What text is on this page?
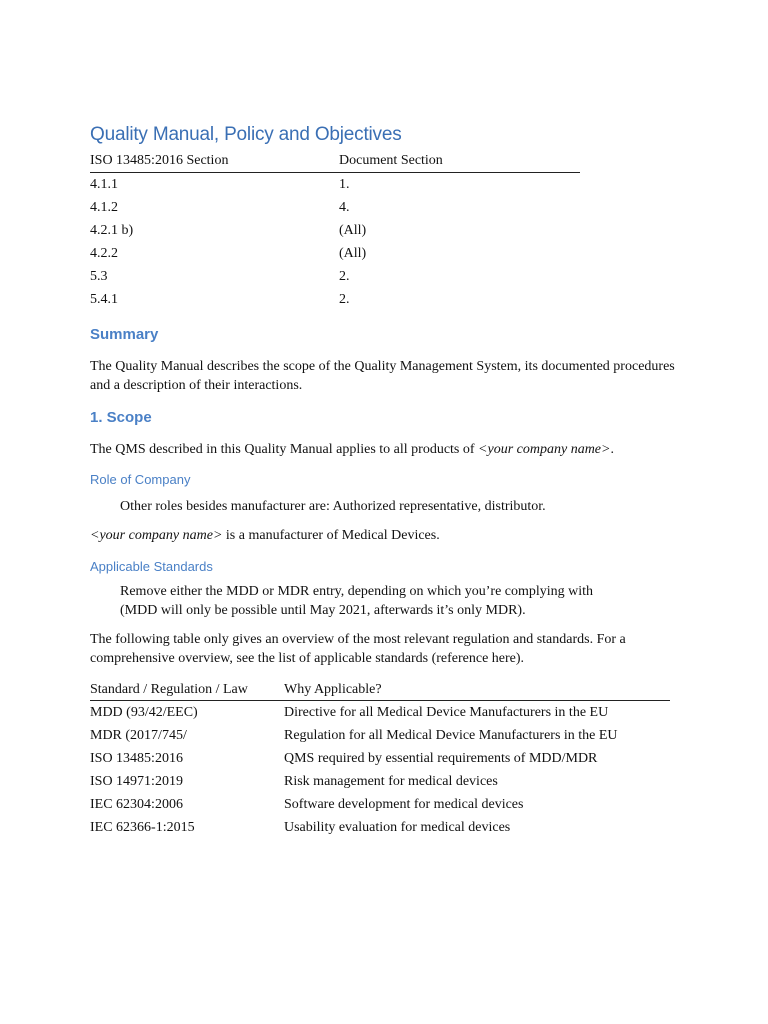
Quality Manual, Policy and Objectives
ISO 13485:2016 Section	Document Section
4.1.1	1.
4.1.2	4.
4.2.1 b)	(All)
4.2.2	(All)
5.3	2.
5.4.1	2.
Summary
The Quality Manual describes the scope of the Quality Management System, its documented procedures and a description of their interactions.
1. Scope
The QMS described in this Quality Manual applies to all products of <your company name>.
Role of Company
Other roles besides manufacturer are: Authorized representative, distributor.
<your company name> is a manufacturer of Medical Devices.
Applicable Standards
Remove either the MDD or MDR entry, depending on which you’re complying with (MDD will only be possible until May 2021, afterwards it’s only MDR).
The following table only gives an overview of the most relevant regulation and standards. For a comprehensive overview, see the list of applicable standards (reference here).
Standard / Regulation / Law	Why Applicable?
MDD (93/42/EEC)	Directive for all Medical Device Manufacturers in the EU
MDR (2017/745/	Regulation for all Medical Device Manufacturers in the EU
ISO 13485:2016	QMS required by essential requirements of MDD/MDR
ISO 14971:2019	Risk management for medical devices
IEC 62304:2006	Software development for medical devices
IEC 62366-1:2015	Usability evaluation for medical devices
